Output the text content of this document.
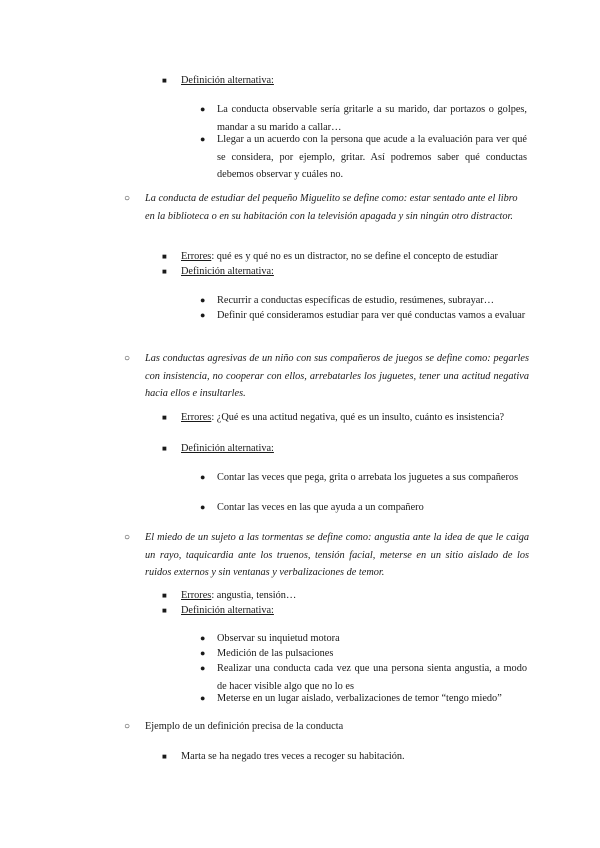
■ Definición alternativa:
● La conducta observable sería gritarle a su marido, dar portazos o golpes, mandar a su marido a callar…
● Llegar a un acuerdo con la persona que acude a la evaluación para ver qué se considera, por ejemplo, gritar. Así podremos saber qué conductas debemos observar y cuáles no.
○ La conducta de estudiar del pequeño Miguelito se define como: estar sentado ante el libro en la biblioteca o en su habitación con la televisión apagada y sin ningún otro distractor.
■ Errores: qué es y qué no es un distractor, no se define el concepto de estudiar
■ Definición alternativa:
● Recurrir a conductas específicas de estudio, resúmenes, subrayar…
● Definir qué consideramos estudiar para ver qué conductas vamos a evaluar
○ Las conductas agresivas de un niño con sus compañeros de juegos se define como: pegarles con insistencia, no cooperar con ellos, arrebatarles los juguetes, tener una actitud negativa hacia ellos e insultarles.
■ Errores: ¿Qué es una actitud negativa, qué es un insulto, cuánto es insistencia?
■ Definición alternativa:
● Contar las veces que pega, grita o arrebata los juguetes a sus compañeros
● Contar las veces en las que ayuda a un compañero
○ El miedo de un sujeto a las tormentas se define como: angustia ante la idea de que le caiga un rayo, taquicardia ante los truenos, tensión facial, meterse en un sitio aislado de los ruidos externos y sin ventanas y verbalizaciones de temor.
■ Errores: angustia, tensión…
■ Definición alternativa:
● Observar su inquietud motora
● Medición de las pulsaciones
● Realizar una conducta cada vez que una persona sienta angustia, a modo de hacer visible algo que no lo es
● Meterse en un lugar aislado, verbalizaciones de temor “tengo miedo”
○ Ejemplo de un definición precisa de la conducta
■ Marta se ha negado tres veces a recoger su habitación.
